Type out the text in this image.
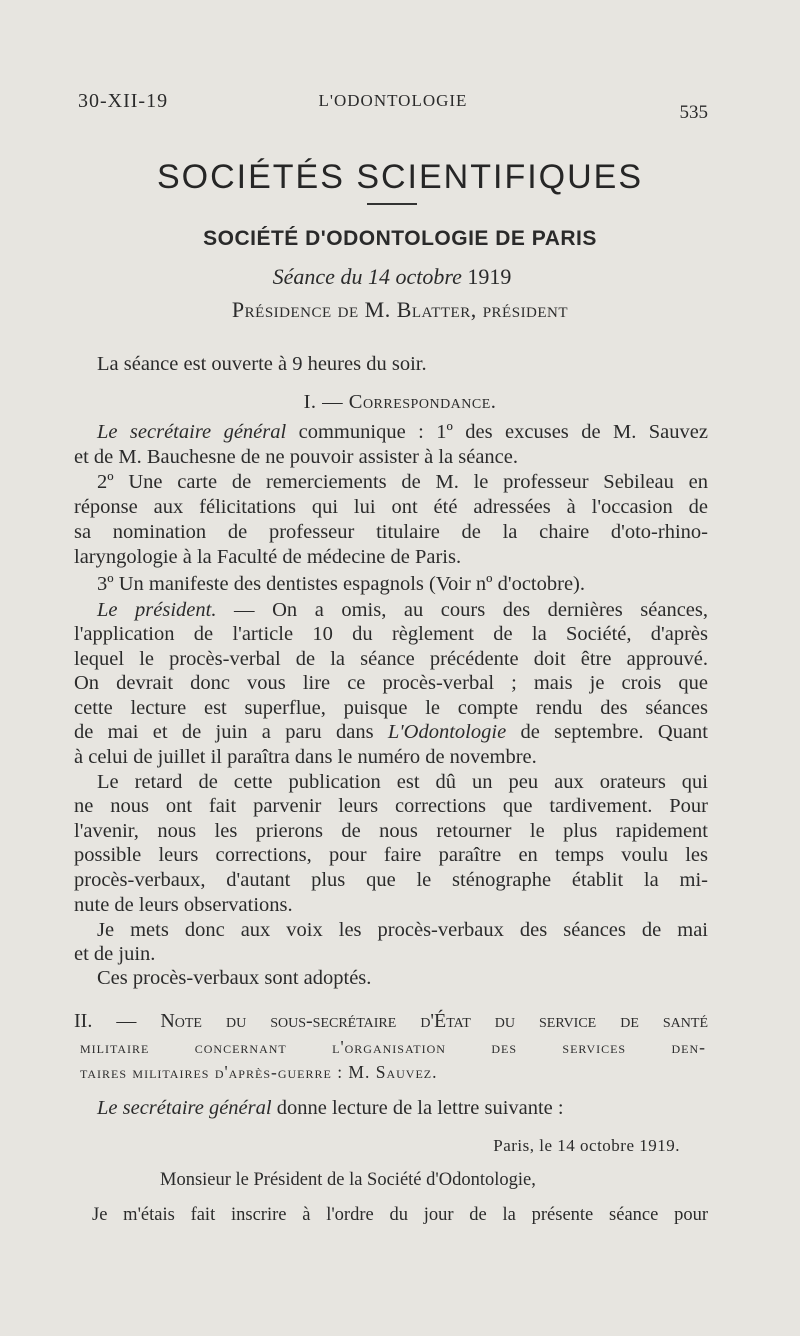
30-XII-19	L'ODONTOLOGIE
535
SOCIÉTÉS SCIENTIFIQUES
SOCIÉTÉ D'ODONTOLOGIE DE PARIS
Séance du 14 octobre 1919
Présidence de M. Blatter, président
La séance est ouverte à 9 heures du soir.
I. — Correspondance.
Le secrétaire général communique : 1º des excuses de M. Sauvez
et de M. Bauchesne de ne pouvoir assister à la séance.
2º Une carte de remerciements de M. le professeur Sebileau en
réponse aux félicitations qui lui ont été adressées à l'occasion de
sa nomination de professeur titulaire de la chaire d'oto-rhino-
laryngologie à la Faculté de médecine de Paris.
3º Un manifeste des dentistes espagnols (Voir nº d'octobre).
Le président. — On a omis, au cours des dernières séances,
l'application de l'article 10 du règlement de la Société, d'après
lequel le procès-verbal de la séance précédente doit être approuvé.
On devrait donc vous lire ce procès-verbal ; mais je crois que
cette lecture est superflue, puisque le compte rendu des séances
de mai et de juin a paru dans L'Odontologie de septembre. Quant
à celui de juillet il paraîtra dans le numéro de novembre.
Le retard de cette publication est dû un peu aux orateurs qui
ne nous ont fait parvenir leurs corrections que tardivement. Pour
l'avenir, nous les prierons de nous retourner le plus rapidement
possible leurs corrections, pour faire paraître en temps voulu les
procès-verbaux, d'autant plus que le sténographe établit la mi-
nute de leurs observations.
Je mets donc aux voix les procès-verbaux des séances de mai
et de juin.
Ces procès-verbaux sont adoptés.
II. — Note du sous-secrétaire d'État du service de santé
militaire concernant l'organisation des services den-
taires militaires d'après-guerre : M. Sauvez.
Le secrétaire général donne lecture de la lettre suivante :
Paris, le 14 octobre 1919.
Monsieur le Président de la Société d'Odontologie,
Je m'étais fait inscrire à l'ordre du jour de la présente séance pour
